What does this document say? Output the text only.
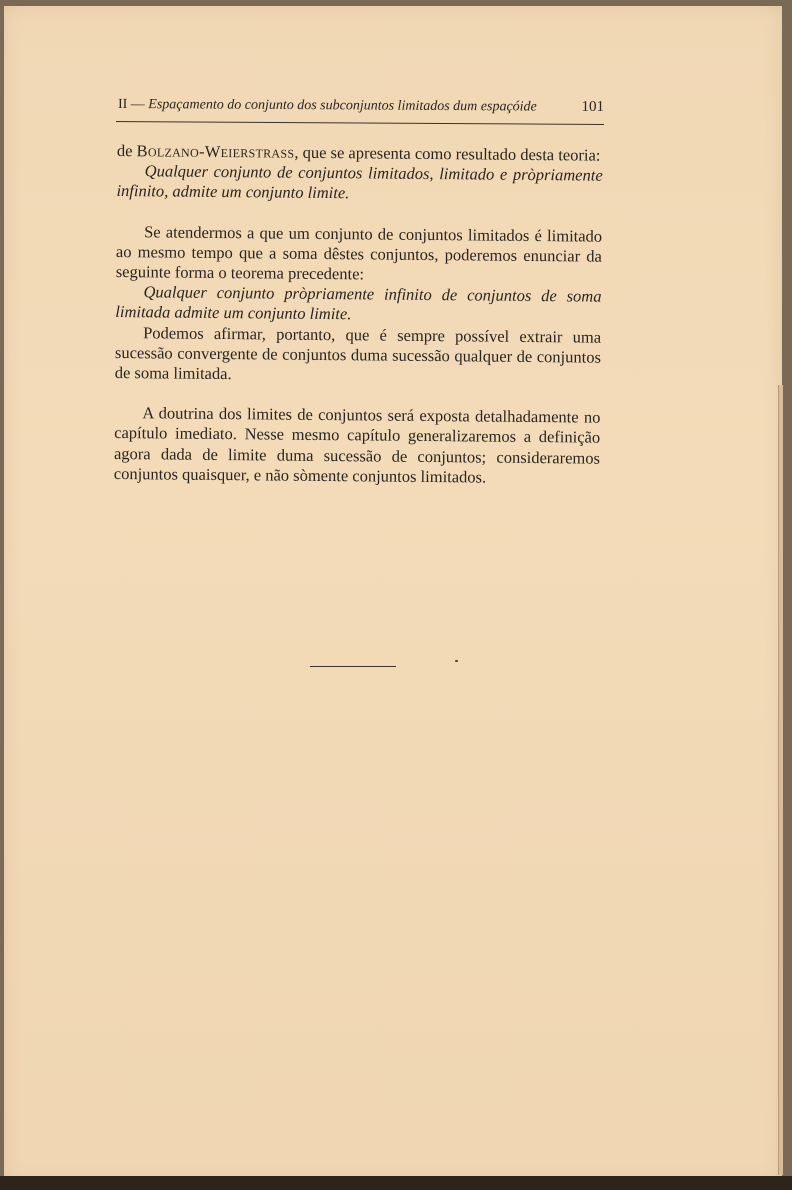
II — Espaçamento do conjunto dos subconjuntos limitados dum espaçóide	101

de Bolzano-Weierstrass, que se apresenta como resultado desta teoria:

Qualquer conjunto de conjuntos limitados, limitado e pròpriamente infinito, admite um conjunto limite.

Se atendermos a que um conjunto de conjuntos limitados é limitado ao mesmo tempo que a soma dêstes conjuntos, poderemos enunciar da seguinte forma o teorema precedente:

Qualquer conjunto pròpriamente infinito de conjuntos de soma limitada admite um conjunto limite.

Podemos afirmar, portanto, que é sempre possível extrair uma sucessão convergente de conjuntos duma sucessão qualquer de conjuntos de soma limitada.

A doutrina dos limites de conjuntos será exposta detalhadamente no capítulo imediato. Nesse mesmo capítulo generalizaremos a definição agora dada de limite duma sucessão de conjuntos; consideraremos conjuntos quaisquer, e não sòmente conjuntos limitados.
